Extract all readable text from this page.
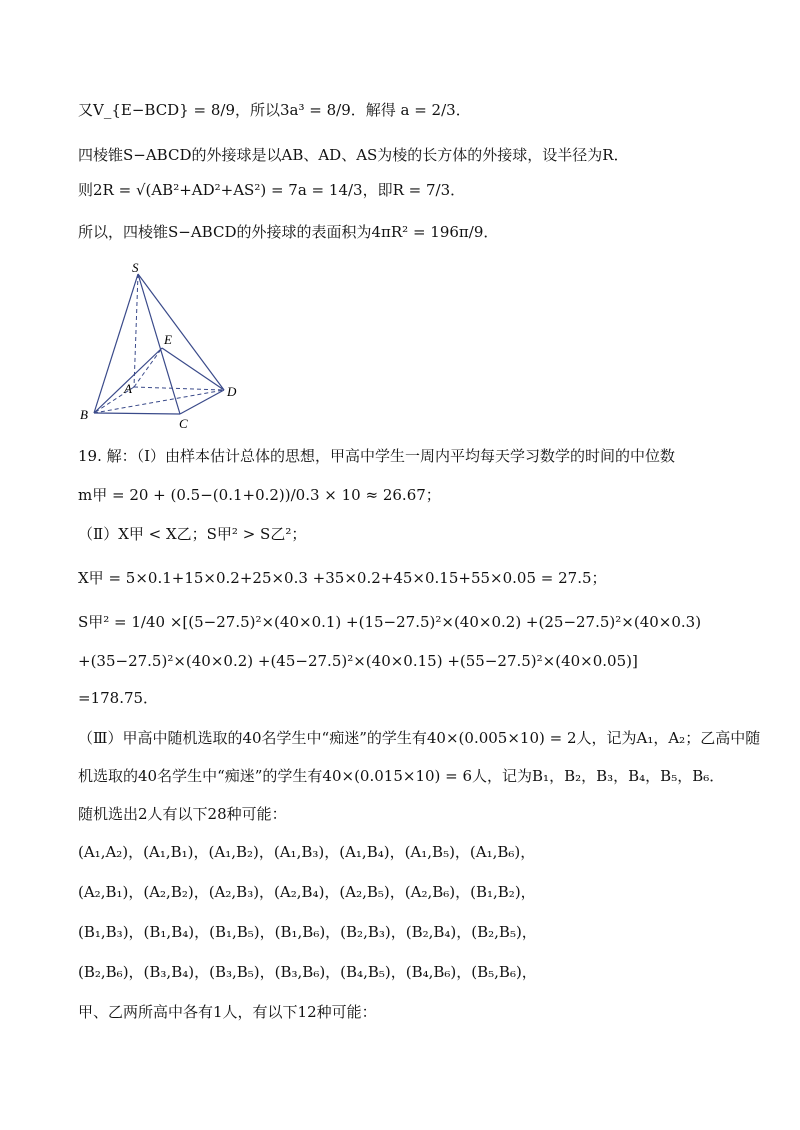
又V_{E−BCD} = 8/9，所以3a³ = 8/9．解得 a = 2/3．
四棱锥S−ABCD的外接球是以AB、AD、AS为棱的长方体的外接球，设半径为R．
则2R = √(AB²+AD²+AS²) = 7a = 14/3，即R = 7/3．
所以，四棱锥S−ABCD的外接球的表面积为4πR² = 196π/9．
S
E
A
B
C
D
19. 解：（Ⅰ）由样本估计总体的思想，甲高中学生一周内平均每天学习数学的时间的中位数
m甲 = 20 + (0.5−(0.1+0.2))/0.3 × 10 ≈ 26.67；
（Ⅱ）X甲 < X乙；S甲² > S乙²；
X甲 = 5×0.1+15×0.2+25×0.3 +35×0.2+45×0.15+55×0.05 = 27.5；
S甲² = 1/40 ×[(5−27.5)²×(40×0.1) +(15−27.5)²×(40×0.2) +(25−27.5)²×(40×0.3)
+(35−27.5)²×(40×0.2) +(45−27.5)²×(40×0.15) +(55−27.5)²×(40×0.05)]
=178.75．
（Ⅲ）甲高中随机选取的40名学生中“痴迷”的学生有40×(0.005×10) = 2人，记为A₁，A₂；乙高中随
机选取的40名学生中“痴迷”的学生有40×(0.015×10) = 6人，记为B₁，B₂，B₃，B₄，B₅，B₆．
随机选出2人有以下28种可能：
(A₁,A₂)，(A₁,B₁)，(A₁,B₂)，(A₁,B₃)，(A₁,B₄)，(A₁,B₅)，(A₁,B₆)，
(A₂,B₁)，(A₂,B₂)，(A₂,B₃)，(A₂,B₄)，(A₂,B₅)，(A₂,B₆)，(B₁,B₂)，
(B₁,B₃)，(B₁,B₄)，(B₁,B₅)，(B₁,B₆)，(B₂,B₃)，(B₂,B₄)，(B₂,B₅)，
(B₂,B₆)，(B₃,B₄)，(B₃,B₅)，(B₃,B₆)，(B₄,B₅)，(B₄,B₆)，(B₅,B₆)，
甲、乙两所高中各有1人，有以下12种可能：
